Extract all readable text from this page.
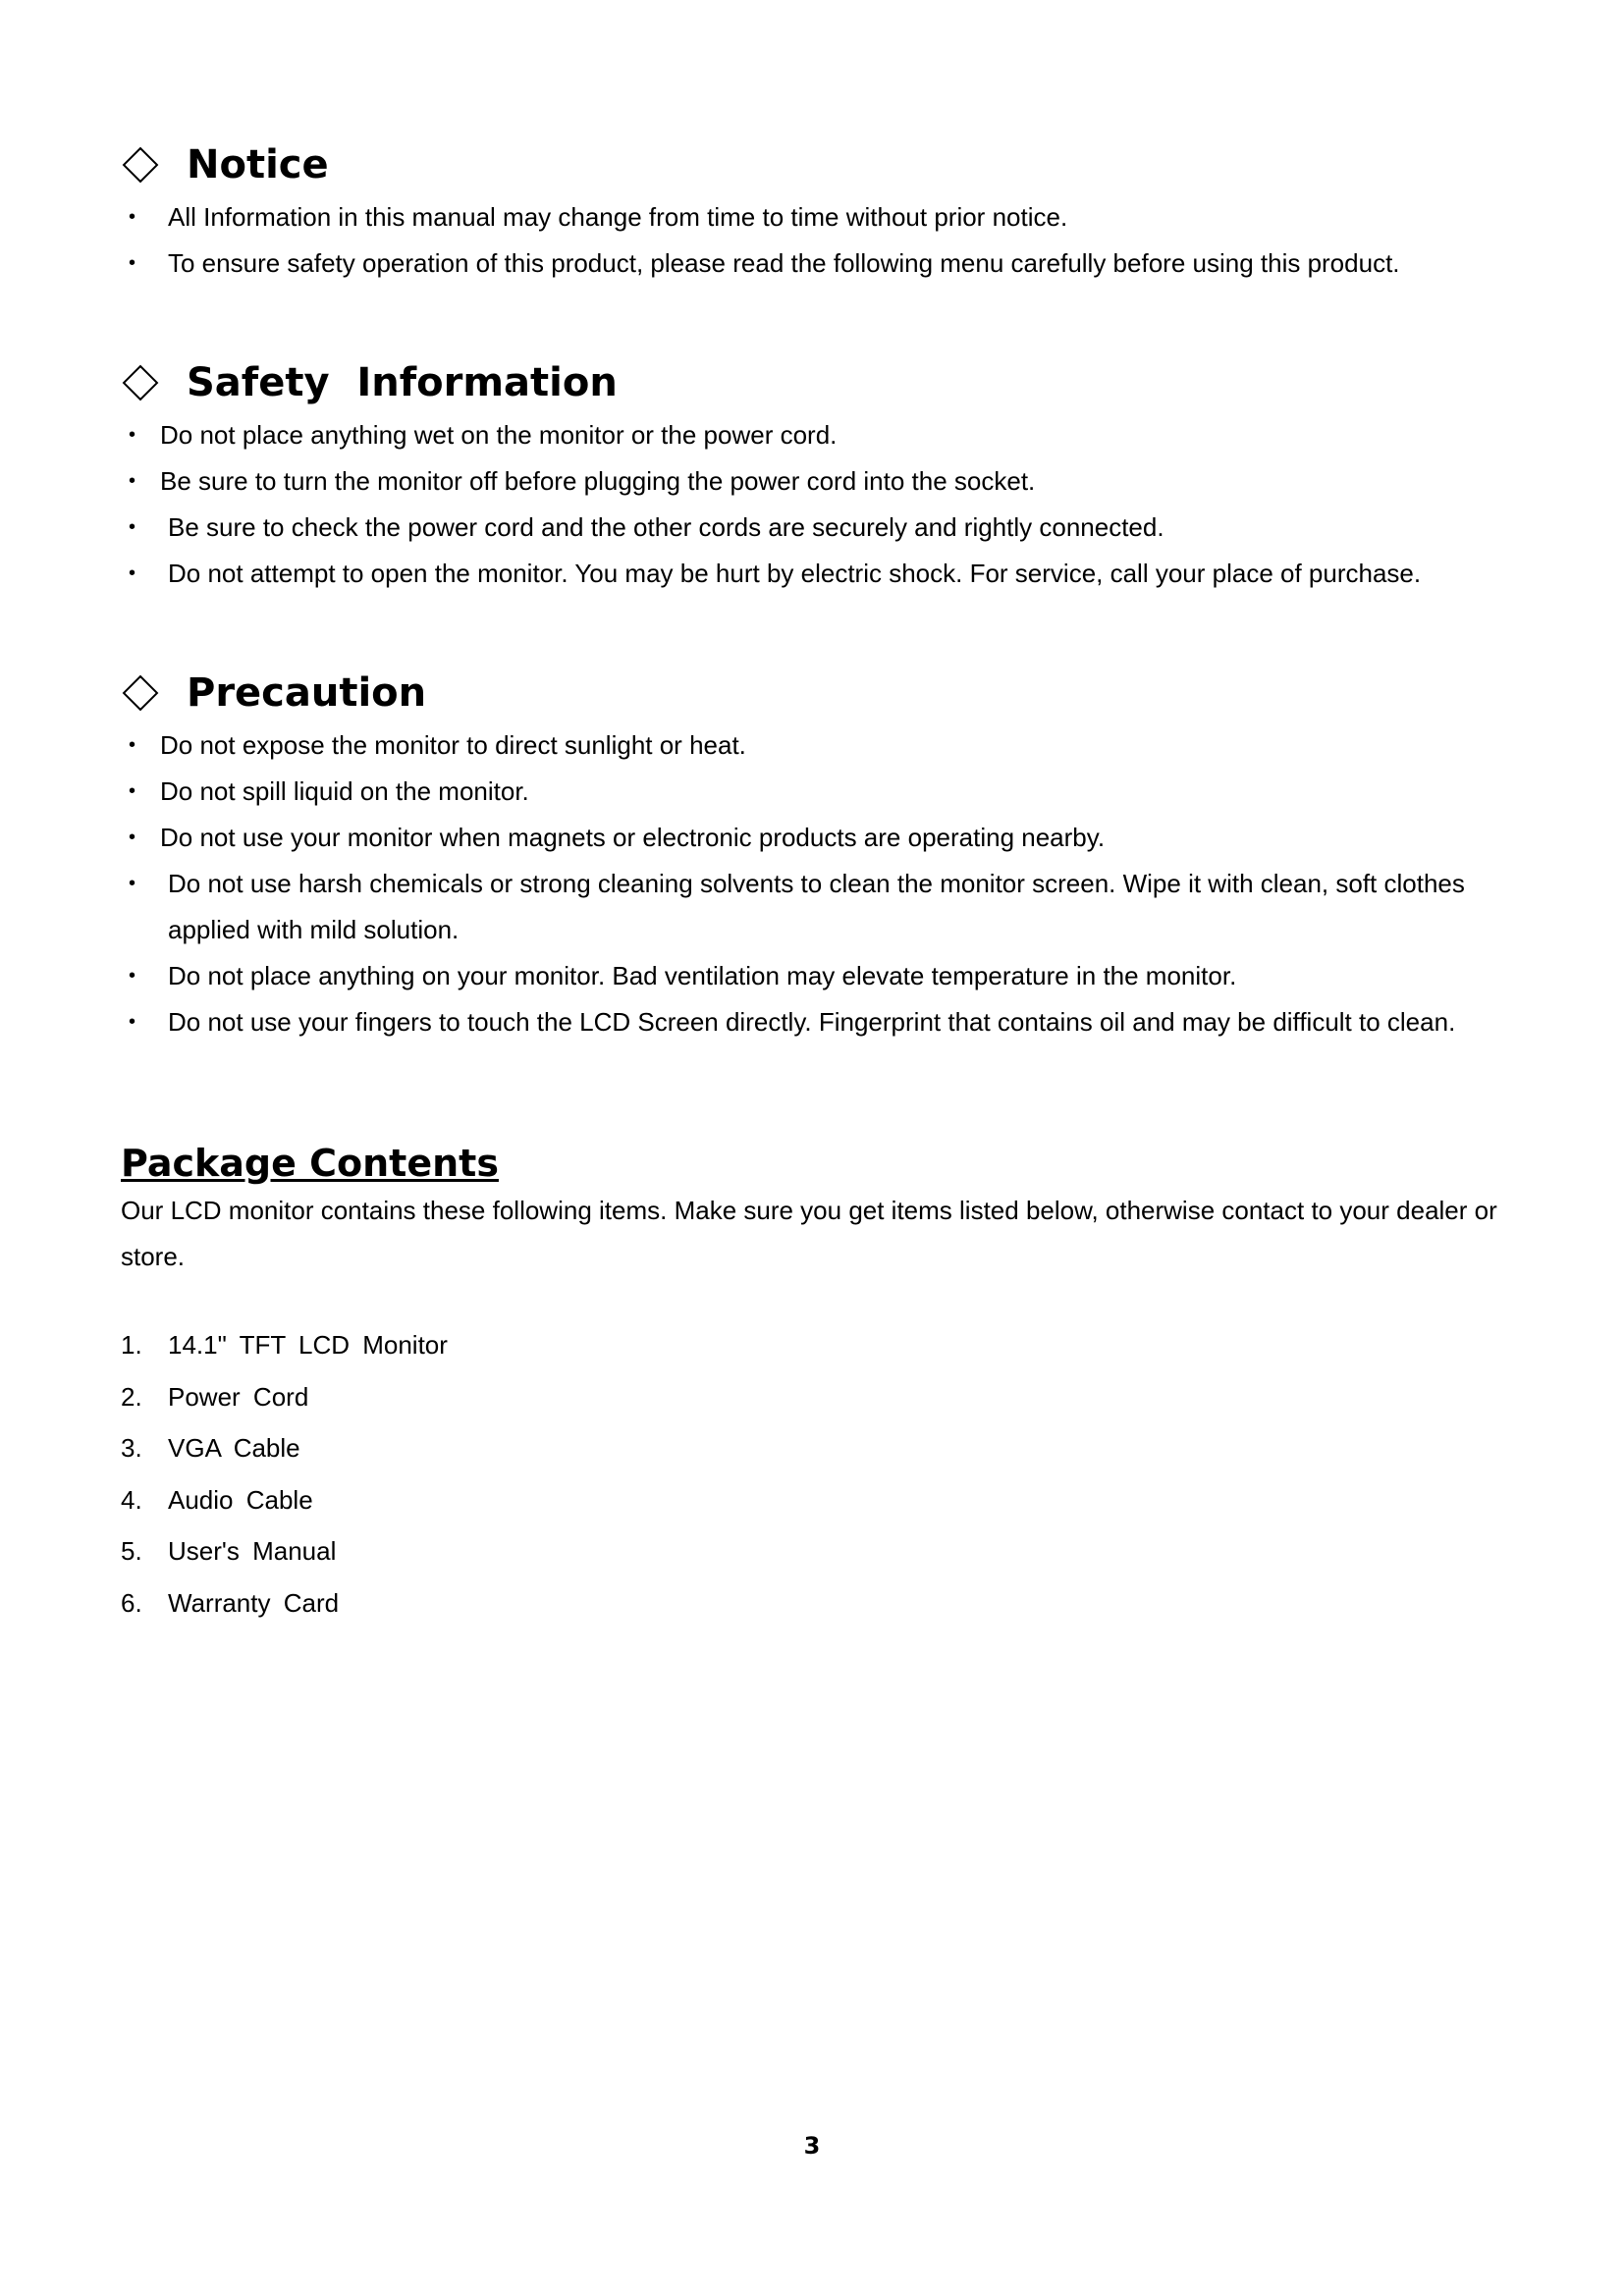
Notice
• All Information in this manual may change from time to time without prior notice.
• To ensure safety operation of this product, please read the following menu carefully before using this product.
Safety  Information
• Do not place anything wet on the monitor or the power cord.
• Be sure to turn the monitor off before plugging the power cord into the socket.
• Be sure to check the power cord and the other cords are securely and rightly connected.
• Do not attempt to open the monitor. You may be hurt by electric shock. For service, call your place of purchase.
Precaution
• Do not expose the monitor to direct sunlight or heat.
• Do not spill liquid on the monitor.
• Do not use your monitor when magnets or electronic products are operating nearby.
• Do not use harsh chemicals or strong cleaning solvents to clean the monitor screen. Wipe it with clean, soft clothes applied with mild solution.
• Do not place anything on your monitor. Bad ventilation may elevate temperature in the monitor.
• Do not use your fingers to touch the LCD Screen directly. Fingerprint that contains oil and may be difficult to clean.
Package Contents
Our LCD monitor contains these following items. Make sure you get items listed below, otherwise contact to your dealer or store.
1. 14.1" TFT LCD Monitor
2. Power Cord
3. VGA Cable
4. Audio Cable
5. User's Manual
6. Warranty Card
3
